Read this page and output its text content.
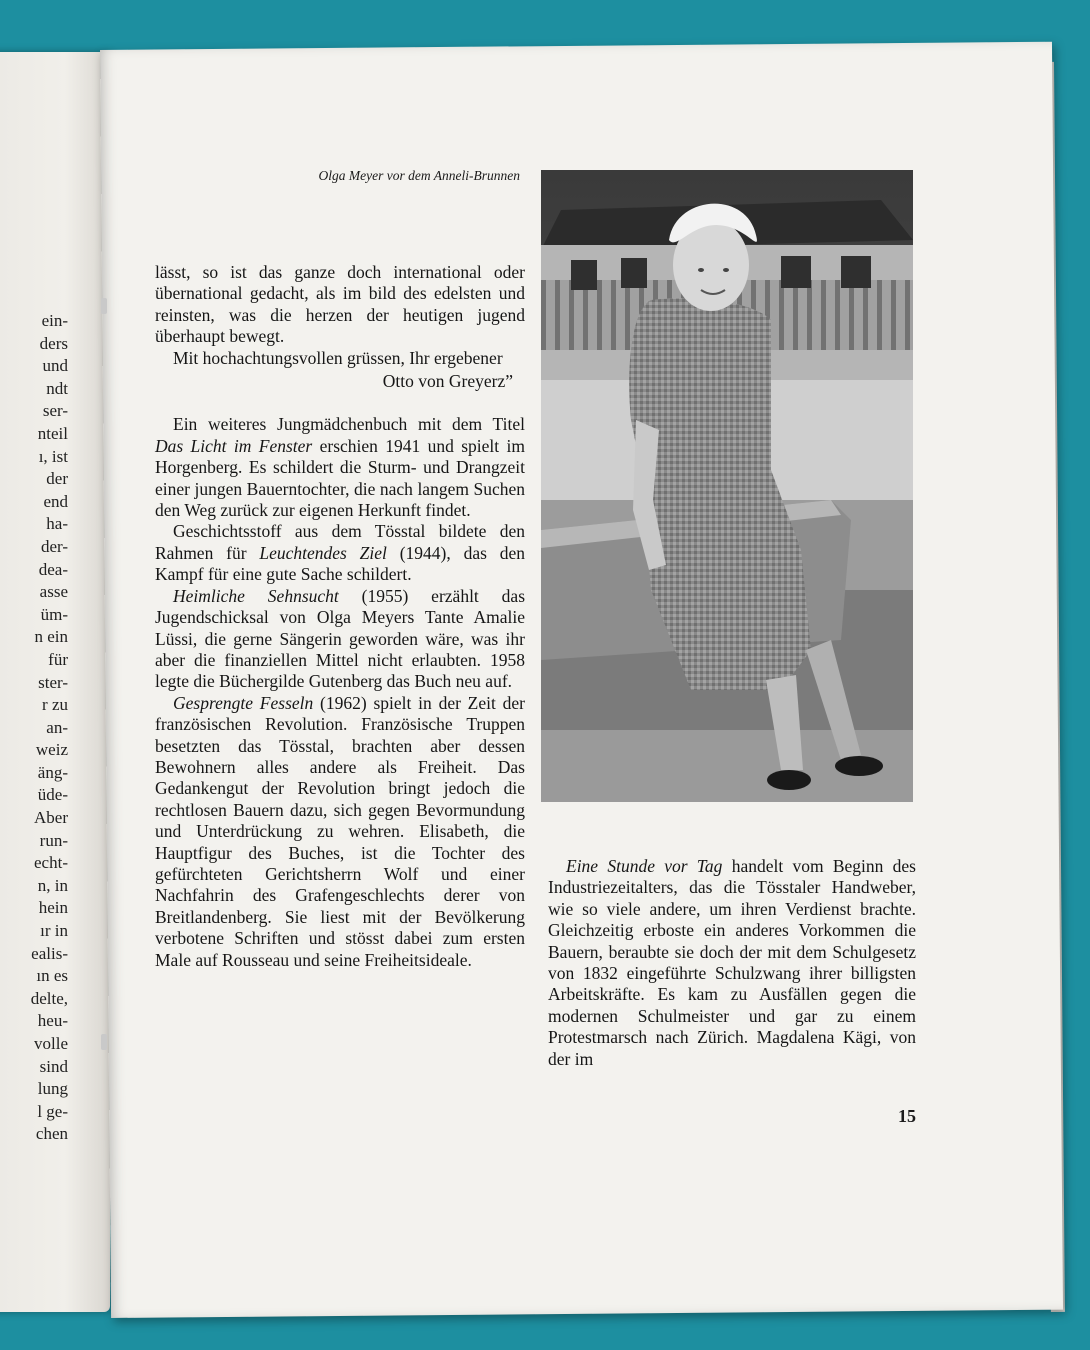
ein-
ders
und
ndt
ser-
nteil
ı, ist
der
end
ha-
der-
dea-
asse
üm-
n ein
für
ster-
r zu
an-
weiz
äng-
üde-
Aber
run-
echt-
n, in
hein
ır in
ealis-
ın es
delte,
heu-
volle
sind
lung
l ge-
chen
Olga Meyer vor dem Anneli-Brunnen

lässt, so ist das ganze doch international oder übernational gedacht, als im bild des edelsten und reinsten, was die herzen der heutigen jugend überhaupt bewegt.

Mit hochachtungsvollen grüssen, Ihr ergebener

Otto von Greyerz”

Ein weiteres Jungmädchenbuch mit dem Titel Das Licht im Fenster erschien 1941 und spielt im Horgenberg. Es schildert die Sturm- und Drangzeit einer jungen Bauerntochter, die nach langem Suchen den Weg zurück zur eigenen Herkunft findet.

Geschichtsstoff aus dem Tösstal bildete den Rahmen für Leuchtendes Ziel (1944), das den Kampf für eine gute Sache schildert.

Heimliche Sehnsucht (1955) erzählt das Jugendschicksal von Olga Meyers Tante Amalie Lüssi, die gerne Sängerin geworden wäre, was ihr aber die finanziellen Mittel nicht erlaubten. 1958 legte die Büchergilde Gutenberg das Buch neu auf.

Gesprengte Fesseln (1962) spielt in der Zeit der französischen Revolution. Französische Truppen besetzten das Tösstal, brachten aber dessen Bewohnern alles andere als Freiheit. Das Gedankengut der Revolution bringt jedoch die rechtlosen Bauern dazu, sich gegen Bevormundung und Unterdrückung zu wehren. Elisabeth, die Hauptfigur des Buches, ist die Tochter des gefürchteten Gerichtsherrn Wolf und einer Nachfahrin des Grafengeschlechts derer von Breitlandenberg. Sie liest mit der Bevölkerung verbotene Schriften und stösst dabei zum ersten Male auf Rousseau und seine Freiheitsideale.

Eine Stunde vor Tag handelt vom Beginn des Industriezeitalters, das die Tösstaler Handweber, wie so viele andere, um ihren Verdienst brachte. Gleichzeitig erboste ein anderes Vorkommen die Bauern, beraubte sie doch der mit dem Schulgesetz von 1832 eingeführte Schulzwang ihrer billigsten Arbeitskräfte. Es kam zu Ausfällen gegen die modernen Schulmeister und gar zu einem Protestmarsch nach Zürich. Magdalena Kägi, von der im

15
